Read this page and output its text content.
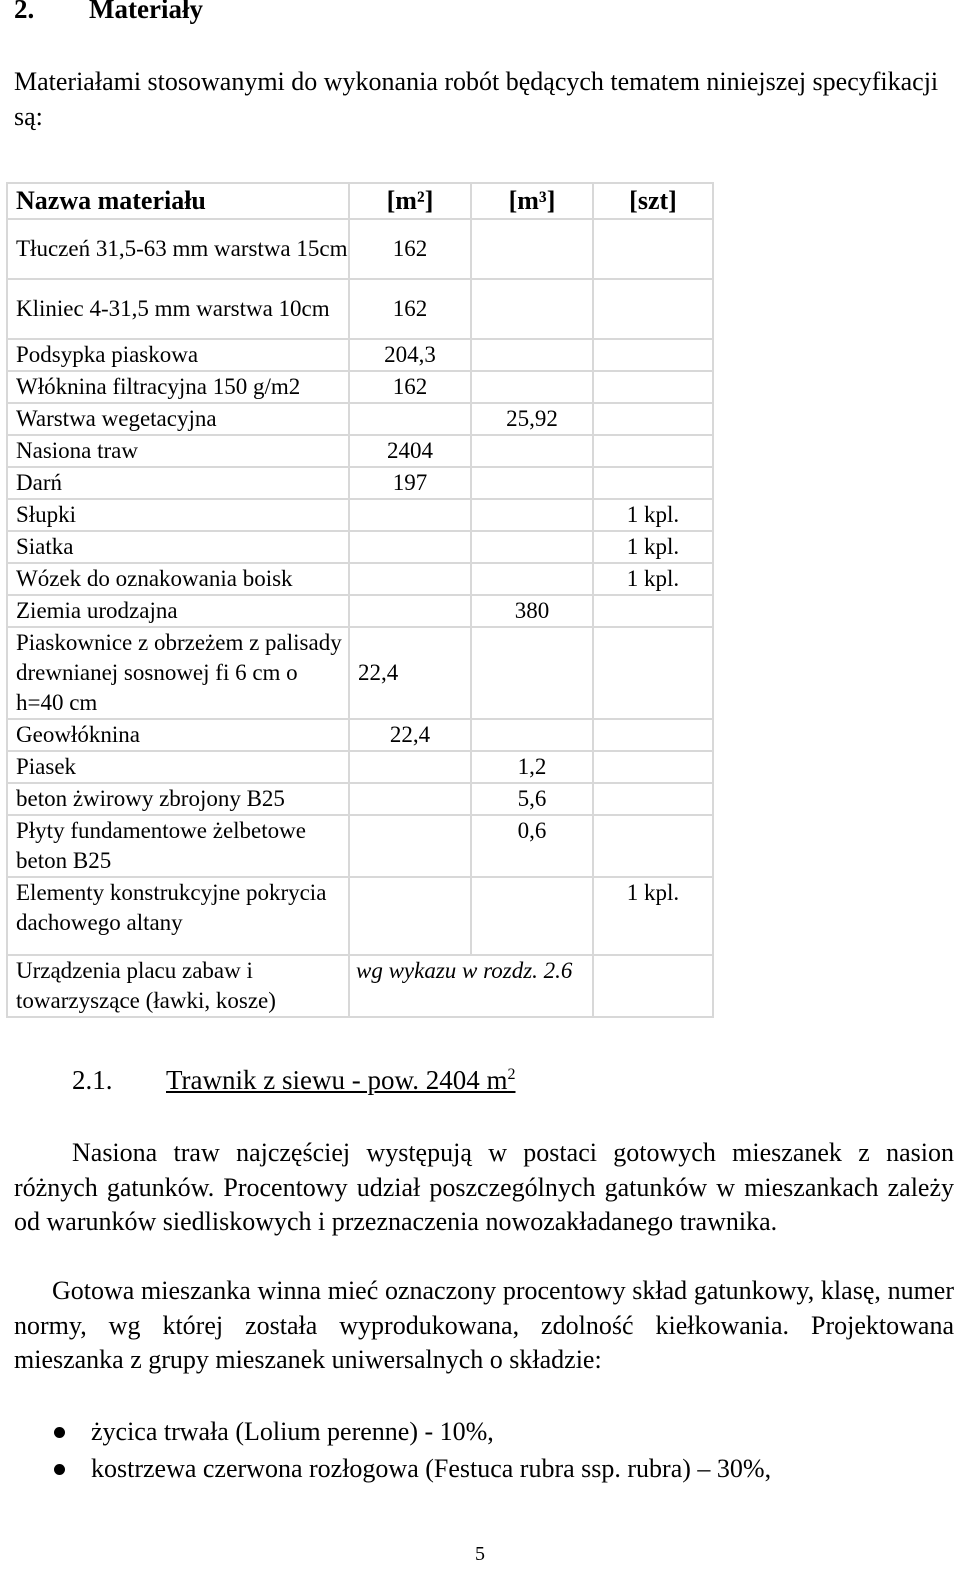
2. Materiały

Materiałami stosowanymi do wykonania robót będących tematem niniejszej specyfikacji są:

Nazwa materiału	[m²]	[m³]	[szt]
Tłuczeń 31,5-63 mm warstwa 15cm	162		
Kliniec 4-31,5 mm warstwa 10cm	162		
Podsypka piaskowa	204,3		
Włóknina filtracyjna 150 g/m2	162		
Warstwa wegetacyjna		25,92	
Nasiona traw	2404		
Darń	197		
Słupki			1 kpl.
Siatka			1 kpl.
Wózek do oznakowania boisk			1 kpl.
Ziemia urodzajna		380	
Piaskownice z obrzeżem z palisady drewnianej sosnowej fi 6 cm o h=40 cm	22,4		
Geowłóknina	22,4		
Piasek		1,2	
beton żwirowy zbrojony B25		5,6	
Płyty fundamentowe żelbetowe beton B25		0,6	
Elementy konstrukcyjne pokrycia dachowego altany			1 kpl.
Urządzenia placu zabaw i towarzyszące (ławki, kosze)	wg wykazu w rozdz. 2.6		
2.1. Trawnik z siewu - pow. 2404 $m^2$

Nasiona traw najczęściej występują w postaci gotowych mieszanek z nasion różnych gatunków. Procentowy udział poszczególnych gatunków w mieszankach zależy od warunków siedliskowych i przeznaczenia nowozakładanego trawnika.

Gotowa mieszanka winna mieć oznaczony procentowy skład gatunkowy, klasę, numer normy, wg której została wyprodukowana, zdolność kiełkowania. Projektowana mieszanka z grupy mieszanek uniwersalnych o składzie:

życica trwała (Lolium perenne) - 10%,
kostrzewa czerwona rozłogowa (Festuca rubra ssp. rubra) – 30%,
5
